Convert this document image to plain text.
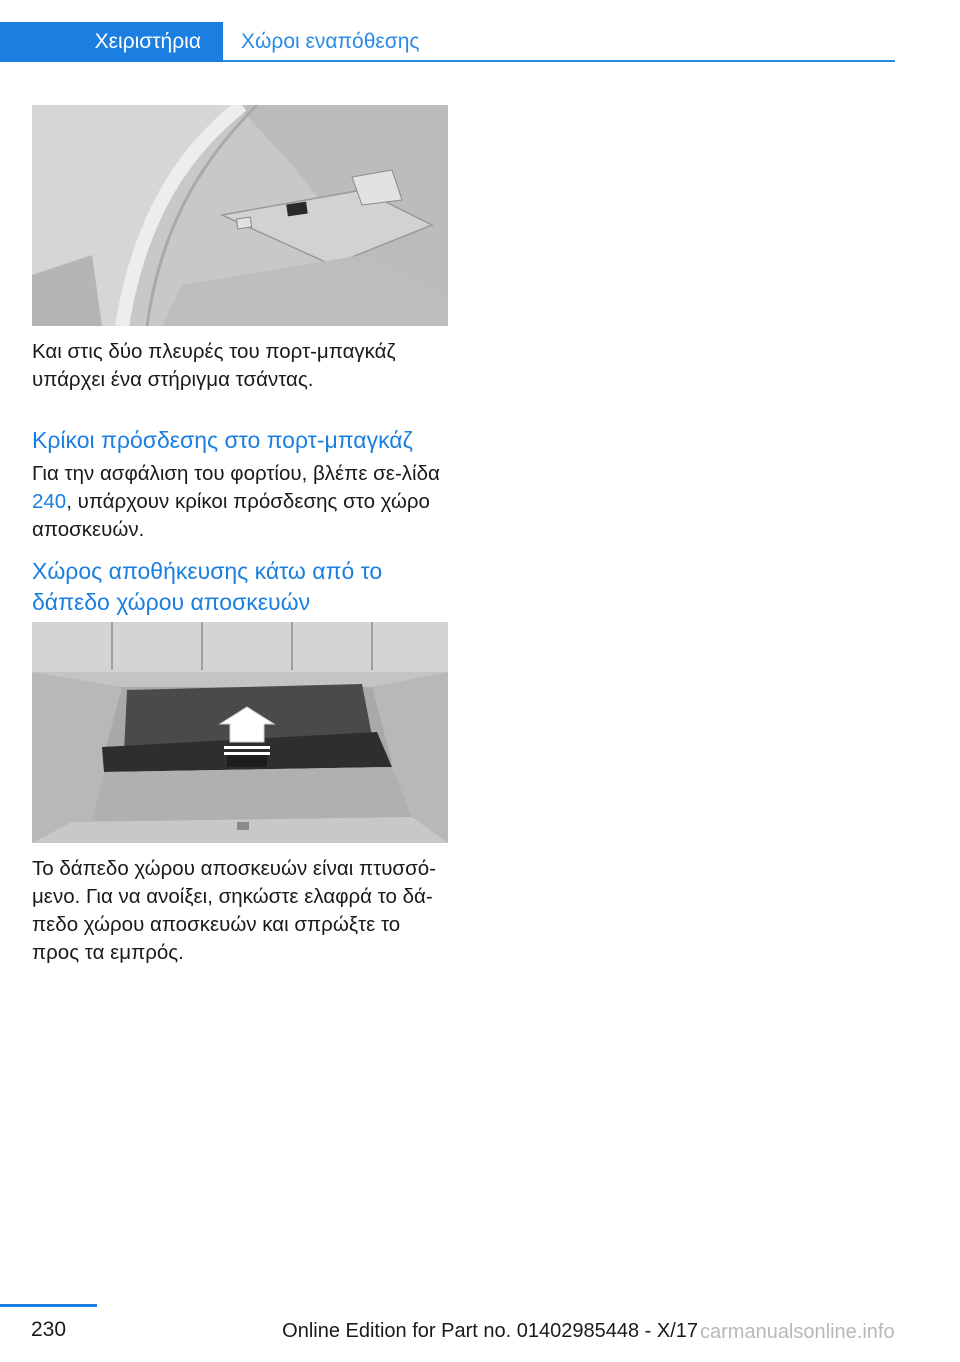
Χειριστήρια	Χώροι εναπόθεσης

Και στις δύο πλευρές του πορτ-μπαγκάζ υπάρχει ένα στήριγμα τσάντας.

Κρίκοι πρόσδεσης στο πορτ-μπαγκάζ

Για την ασφάλιση του φορτίου, βλέπε σε-λίδα 240, υπάρχουν κρίκοι πρόσδεσης στο χώρο αποσκευών.

Χώρος αποθήκευσης κάτω από το δάπεδο χώρου αποσκευών

Το δάπεδο χώρου αποσκευών είναι πτυσσό-μενο. Για να ανοίξει, σηκώστε ελαφρά το δά-πεδο χώρου αποσκευών και σπρώξτε το προς τα εμπρός.

230	Online Edition for Part no. 01402985448 - X/17 carmanualsonline.info
